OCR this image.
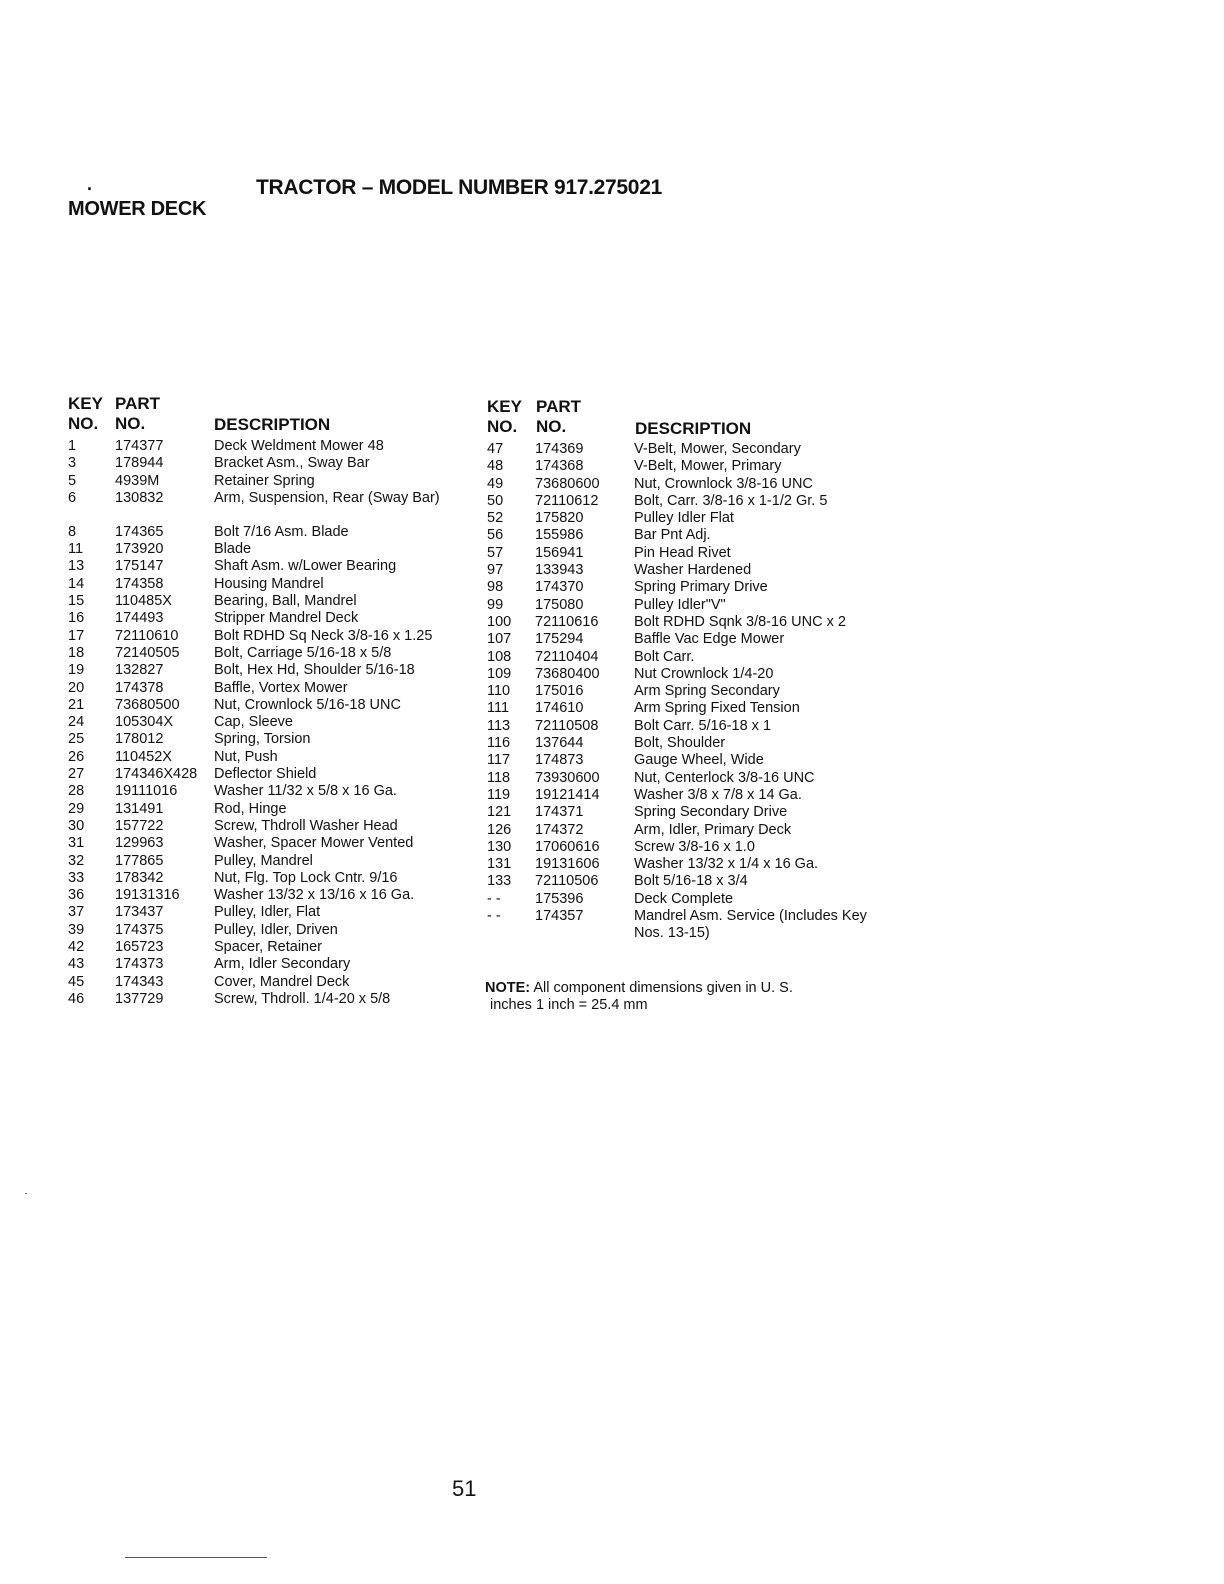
.	TRACTOR – MODEL NUMBER 917.275021
MOWER DECK
KEY PART
NO. NO.	DESCRIPTION
1	174377	Deck Weldment Mower 48
3	178944	Bracket Asm., Sway Bar
5	4939M	Retainer Spring
6	130832	Arm, Suspension, Rear (Sway Bar)
8	174365	Bolt 7/16 Asm. Blade
11 173920	Blade
13 175147	Shaft Asm. w/Lower Bearing
14 174358	Housing Mandrel
15 110485X	Bearing, Ball, Mandrel
16 174493	Stripper Mandrel Deck
17 72110610 Bolt RDHD Sq Neck 3/8-16 x 1.25
18 72140505 Bolt, Carriage 5/16-18 x 5/8
19 132827	Bolt, Hex Hd, Shoulder 5/16-18
20 174378	Baffle, Vortex Mower
21 73680500 Nut, Crownlock 5/16-18 UNC
24 105304X	Cap, Sleeve
25 178012	Spring, Torsion
26 110452X	Nut, Push
27 174346X428 Deflector Shield
28 19111016	Washer 11/32 x 5/8 x 16 Ga.
29 131491	Rod, Hinge
30 157722	Screw, Thdroll Washer Head
31 129963	Washer, Spacer Mower Vented
32 177865	Pulley, Mandrel
33 178342	Nut, Flg. Top Lock Cntr. 9/16
36 19131316 Washer 13/32 x 13/16 x 16 Ga.
37 173437	Pulley, Idler, Flat
39 174375	Pulley, Idler, Driven
42 165723	Spacer, Retainer
43 174373	Arm, Idler Secondary
45 174343	Cover, Mandrel Deck
46 137729	Screw, Thdroll. 1/4-20 x 5/8
KEY PART
NO. NO.	DESCRIPTION
47 174369	V-Belt, Mower, Secondary
48 174368	V-Belt, Mower, Primary
49 73680600 Nut, Crownlock 3/8-16 UNC
50 72110612 Bolt, Carr. 3/8-16 x 1-1/2 Gr. 5
52 175820	Pulley Idler Flat
56 155986	Bar Pnt Adj.
57 156941	Pin Head Rivet
97 133943	Washer Hardened
98 174370	Spring Primary Drive
99 175080	Pulley Idler"V"
100 72110616 Bolt RDHD Sqnk 3/8-16 UNC x 2
107 175294	Baffle Vac Edge Mower
108 72110404 Bolt Carr.
109 73680400 Nut Crownlock 1/4-20
110 175016	Arm Spring Secondary
111 174610	Arm Spring Fixed Tension
113 72110508 Bolt Carr. 5/16-18 x 1
116 137644	Bolt, Shoulder
117 174873	Gauge Wheel, Wide
118 73930600 Nut, Centerlock 3/8-16 UNC
119 19121414 Washer 3/8 x 7/8 x 14 Ga.
121 174371	Spring Secondary Drive
126 174372	Arm, Idler, Primary Deck
130 17060616 Screw 3/8-16 x 1.0
131 19131606 Washer 13/32 x 1/4 x 16 Ga.
133 72110506 Bolt 5/16-18 x 3/4
- - 175396	Deck Complete
- - 174357	Mandrel Asm. Service (Includes Key Nos. 13-15)
NOTE: All component dimensions given in U. S.
inches 1 inch = 25.4 mm
51
